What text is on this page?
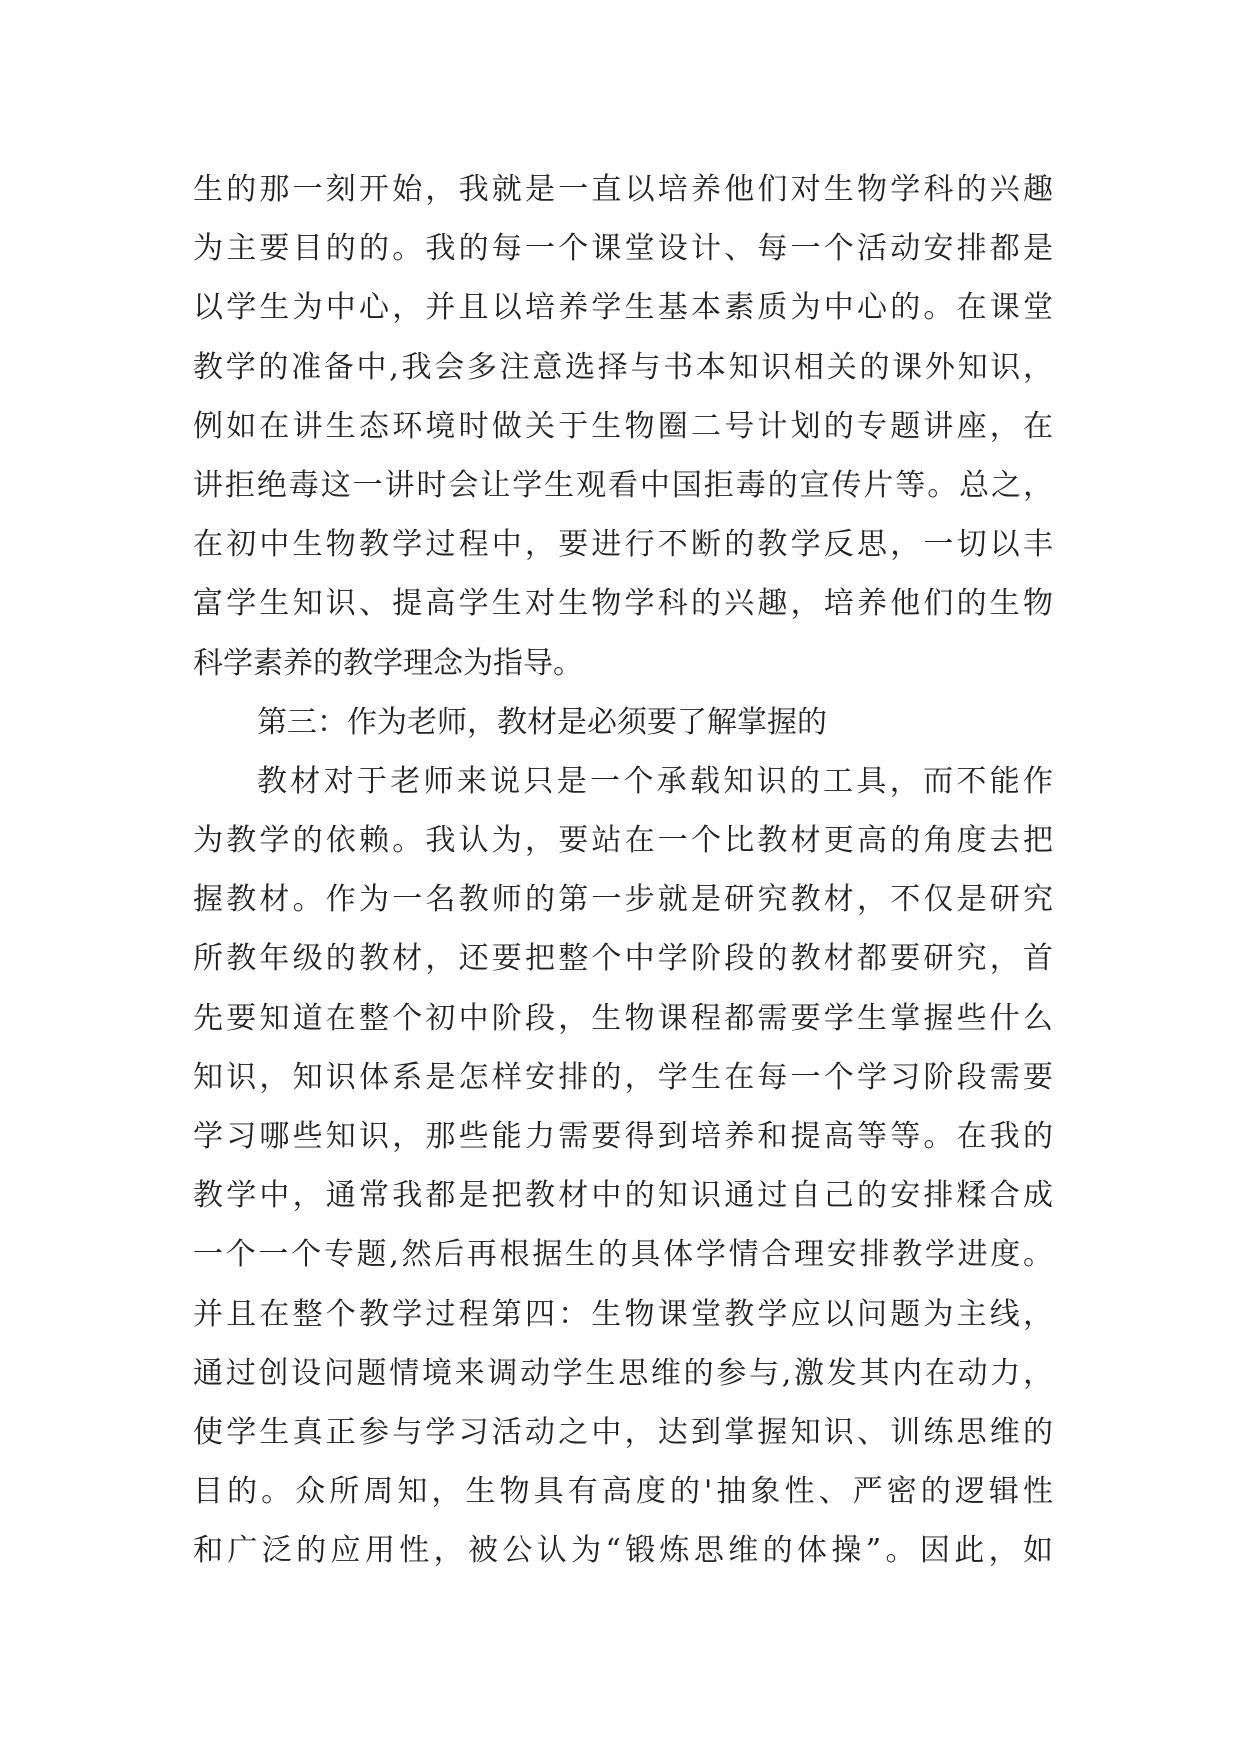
生的那一刻开始，我就是一直以培养他们对生物学科的兴趣
为主要目的的。我的每一个课堂设计、每一个活动安排都是
以学生为中心，并且以培养学生基本素质为中心的。在课堂
教学的准备中,我会多注意选择与书本知识相关的课外知识，
例如在讲生态环境时做关于生物圈二号计划的专题讲座，在
讲拒绝毒这一讲时会让学生观看中国拒毒的宣传片等。总之，
在初中生物教学过程中，要进行不断的教学反思，一切以丰
富学生知识、提高学生对生物学科的兴趣，培养他们的生物
科学素养的教学理念为指导。
第三：作为老师，教材是必须要了解掌握的
教材对于老师来说只是一个承载知识的工具，而不能作
为教学的依赖。我认为，要站在一个比教材更高的角度去把
握教材。作为一名教师的第一步就是研究教材，不仅是研究
所教年级的教材，还要把整个中学阶段的教材都要研究，首
先要知道在整个初中阶段，生物课程都需要学生掌握些什么
知识，知识体系是怎样安排的，学生在每一个学习阶段需要
学习哪些知识，那些能力需要得到培养和提高等等。在我的
教学中，通常我都是把教材中的知识通过自己的安排糅合成
一个一个专题,然后再根据生的具体学情合理安排教学进度。
并且在整个教学过程第四：生物课堂教学应以问题为主线，
通过创设问题情境来调动学生思维的参与,激发其内在动力，
使学生真正参与学习活动之中，达到掌握知识、训练思维的
目的。众所周知，生物具有高度的'抽象性、严密的逻辑性
和广泛的应用性，被公认为“锻炼思维的体操”。因此，如
